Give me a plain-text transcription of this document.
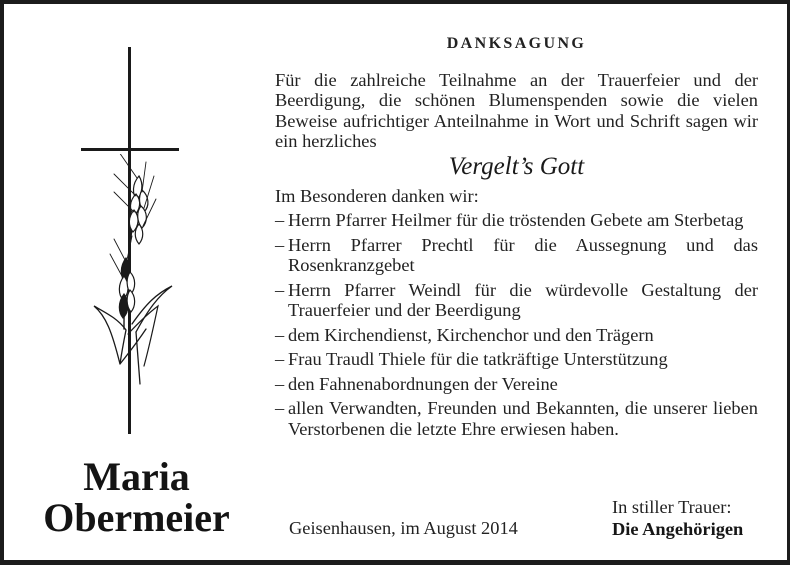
Maria
Obermeier
DANKSAGUNG

Für die zahlreiche Teilnahme an der Trauerfeier und der Beerdigung, die schönen Blumenspenden sowie die vielen Beweise aufrichtiger Anteilnahme in Wort und Schrift sagen wir ein herzliches

Vergelt’s Gott
Im Besonderen danken wir:
– Herrn Pfarrer Heilmer für die tröstenden Gebete am Sterbetag
– Herrn Pfarrer Prechtl für die Aussegnung und das Rosenkranzgebet
– Herrn Pfarrer Weindl für die würdevolle Gestaltung der Trauerfeier und der Beerdigung
– dem Kirchendienst, Kirchenchor und den Trägern
– Frau Traudl Thiele für die tatkräftige Unterstützung
– den Fahnenabordnungen der Vereine
– allen Verwandten, Freunden und Bekannten, die unserer lieben Verstorbenen die letzte Ehre erwiesen haben.
Geisenhausen, im August 2014
In stiller Trauer:
Die Angehörigen
